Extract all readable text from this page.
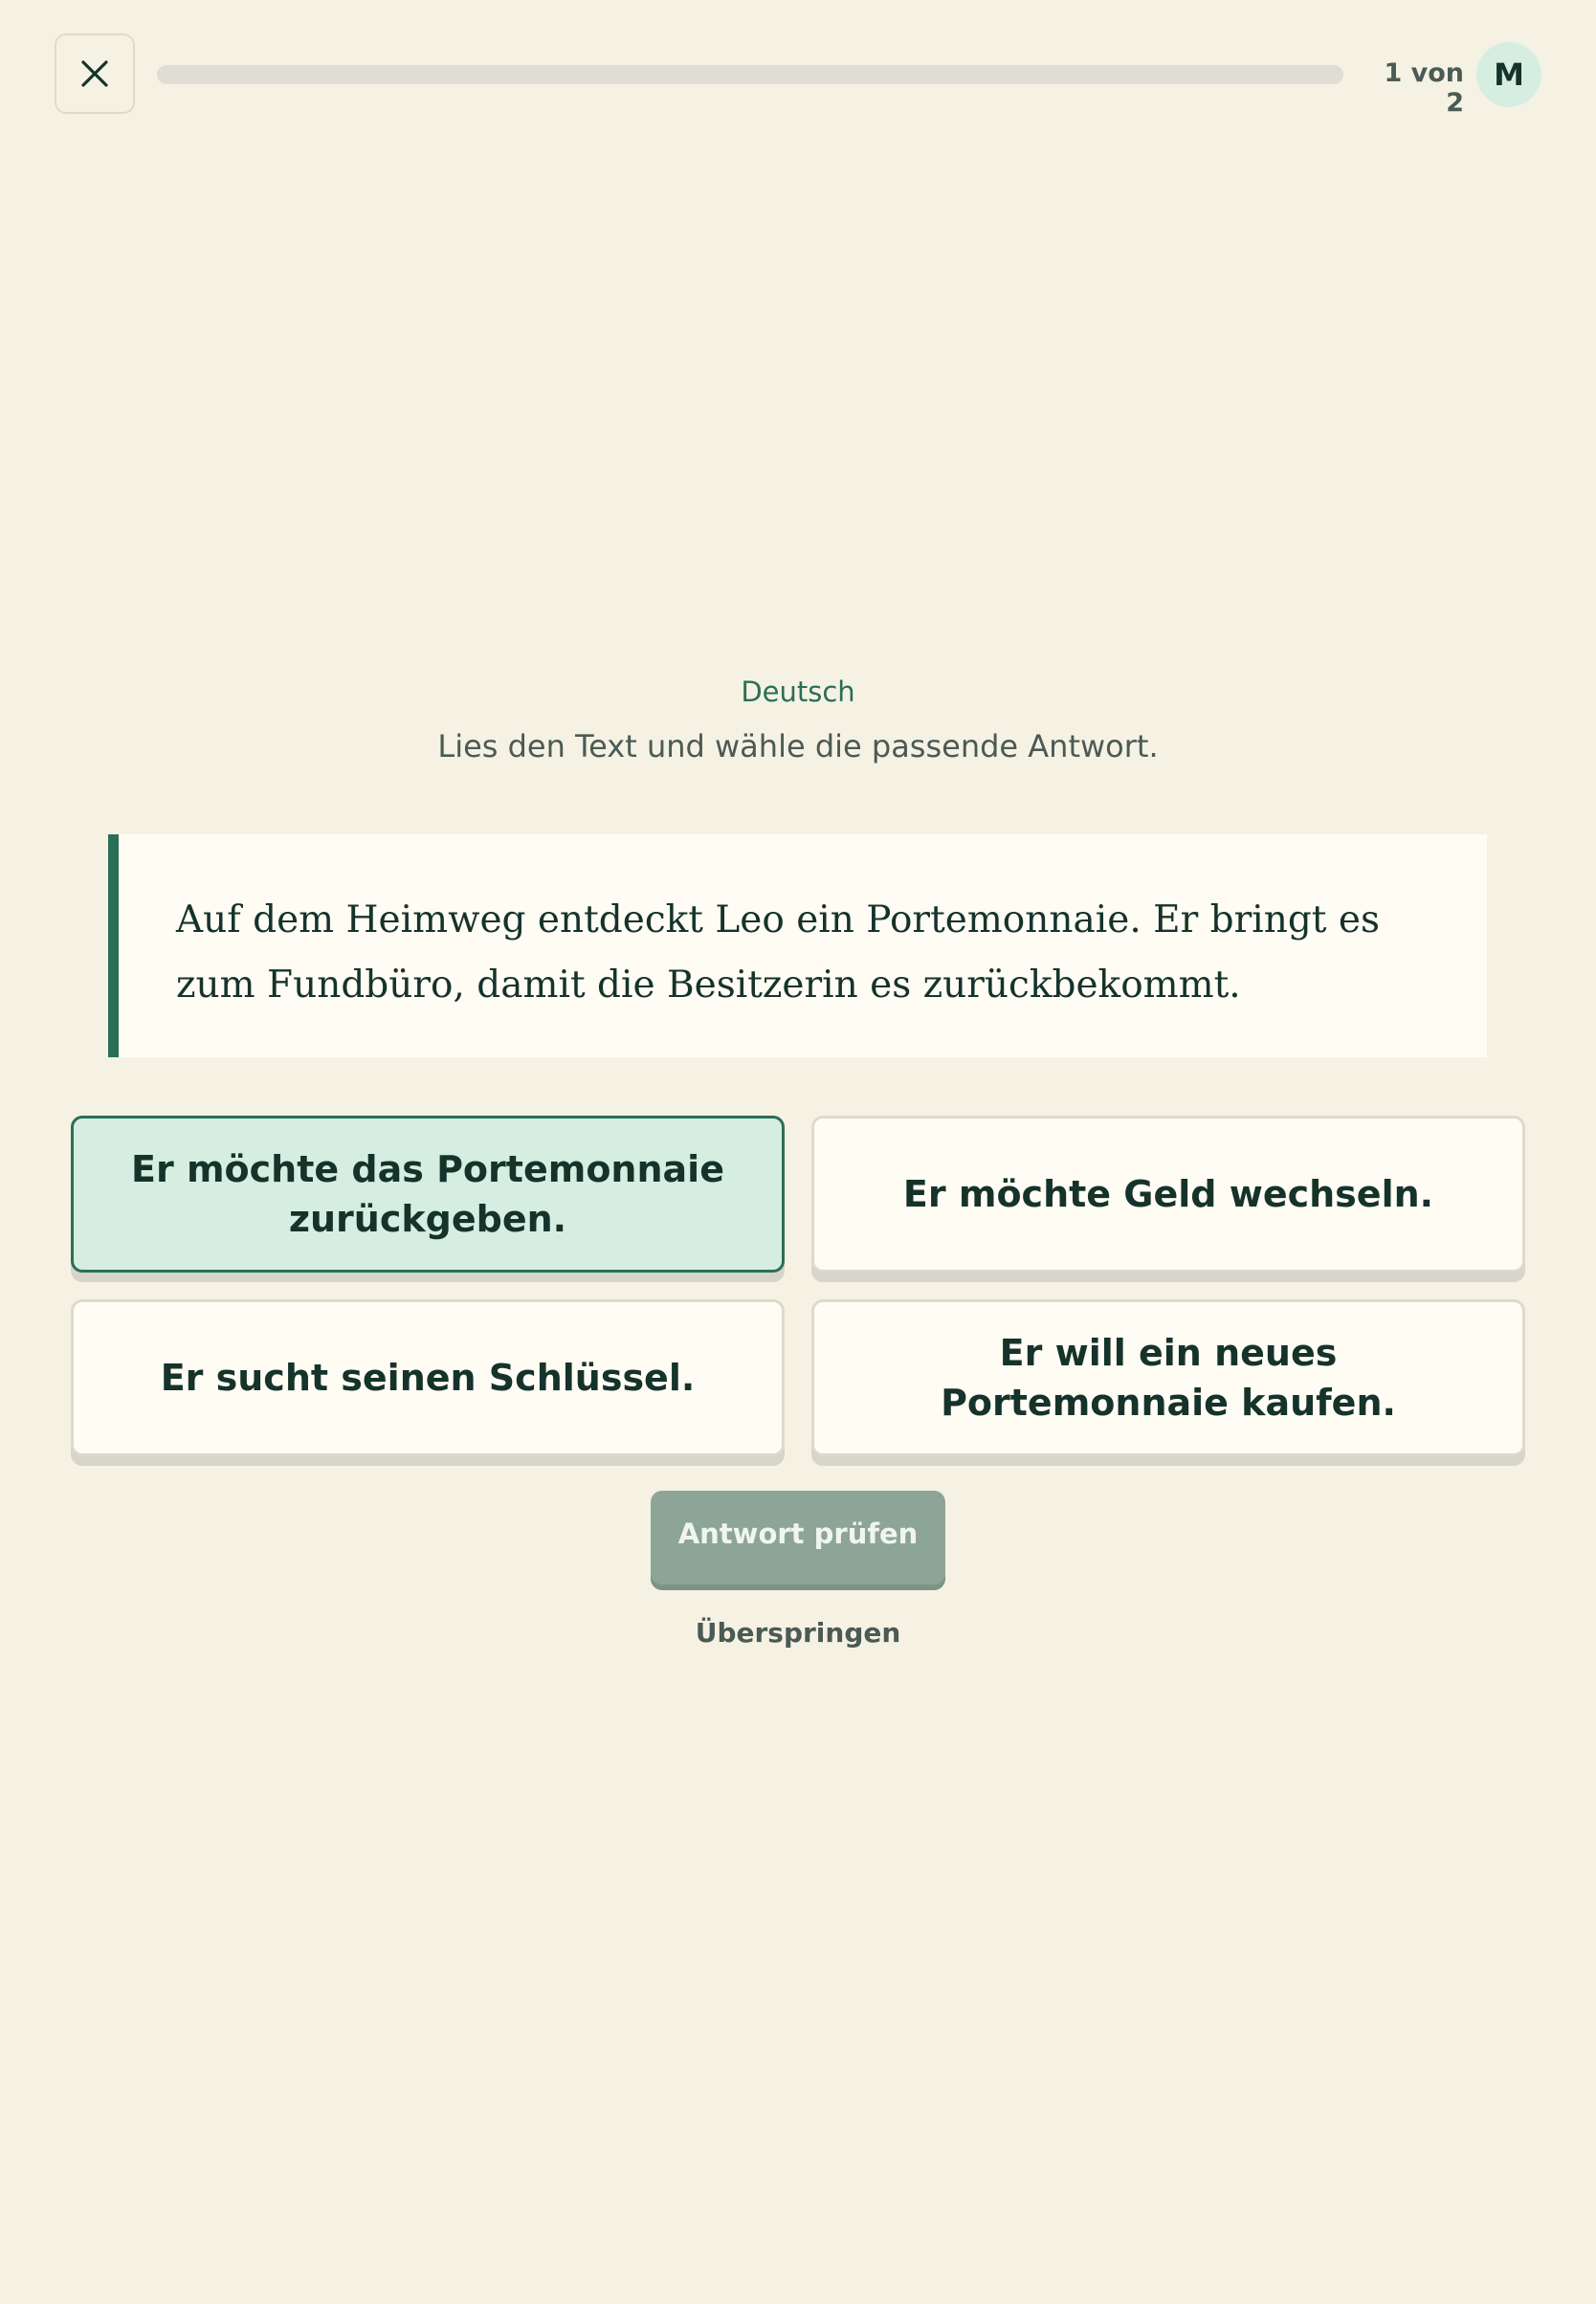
1 von 2
M
Deutsch
Lies den Text und wähle die passende Antwort.
Auf dem Heimweg entdeckt Leo ein Portemonnaie. Er bringt es zum Fundbüro, damit die Besitzerin es zurückbekommt.
Er möchte das Portemonnaie zurückgeben.
Er möchte Geld wechseln.
Er sucht seinen Schlüssel.
Er will ein neues Portemonnaie kaufen.
Antwort prüfen
Überspringen
